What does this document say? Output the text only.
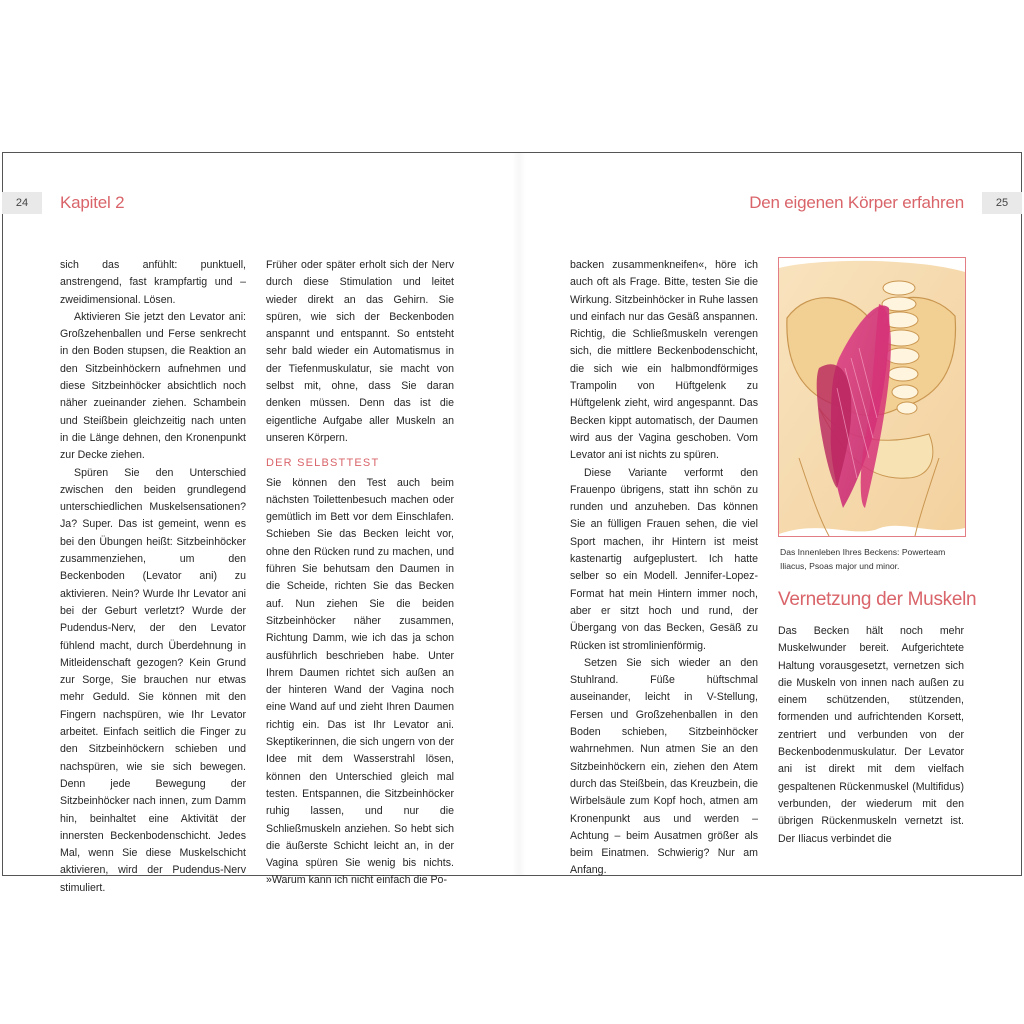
24	Kapitel 2	25
Den eigenen Körper erfahren

sich das anfühlt: punktuell, anstrengend, fast krampfartig und – zweidimensional. Lösen.

Aktivieren Sie jetzt den Levator ani: Großzehenballen und Ferse senkrecht in den Boden stupsen, die Reaktion an den Sitzbeinhöckern aufnehmen und diese Sitzbeinhöcker absichtlich noch näher zueinander ziehen. Schambein und Steißbein gleichzeitig nach unten in die Länge dehnen, den Kronenpunkt zur Decke ziehen.

Spüren Sie den Unterschied zwischen den beiden grundlegend unterschiedlichen Muskelsensationen? Ja? Super. Das ist gemeint, wenn es bei den Übungen heißt: Sitzbeinhöcker zusammenziehen, um den Beckenboden (Levator ani) zu aktivieren. Nein? Wurde Ihr Levator ani bei der Geburt verletzt? Wurde der Pudendus-Nerv, der den Levator fühlend macht, durch Überdehnung in Mitleidenschaft gezogen? Kein Grund zur Sorge, Sie brauchen nur etwas mehr Geduld. Sie können mit den Fingern nachspüren, wie Ihr Levator arbeitet. Einfach seitlich die Finger zu den Sitzbeinhöckern schieben und nachspüren, wie sie sich bewegen. Denn jede Bewegung der Sitzbeinhöcker nach innen, zum Damm hin, beinhaltet eine Aktivität der innersten Beckenbodenschicht. Jedes Mal, wenn Sie diese Muskelschicht aktivieren, wird der Pudendus-Nerv stimuliert.

Früher oder später erholt sich der Nerv durch diese Stimulation und leitet wieder direkt an das Gehirn. Sie spüren, wie sich der Beckenboden anspannt und entspannt. So entsteht sehr bald wieder ein Automatismus in der Tiefenmuskulatur, sie macht von selbst mit, ohne, dass Sie daran denken müssen. Denn das ist die eigentliche Aufgabe aller Muskeln an unseren Körpern.

DER SELBSTTEST

Sie können den Test auch beim nächsten Toilettenbesuch machen oder gemütlich im Bett vor dem Einschlafen. Schieben Sie das Becken leicht vor, ohne den Rücken rund zu machen, und führen Sie behutsam den Daumen in die Scheide, richten Sie das Becken auf. Nun ziehen Sie die beiden Sitzbeinhöcker näher zusammen, Richtung Damm, wie ich das ja schon ausführlich beschrieben habe. Unter Ihrem Daumen richtet sich außen an der hinteren Wand der Vagina noch eine Wand auf und zieht Ihren Daumen richtig ein. Das ist Ihr Levator ani. Skeptikerinnen, die sich ungern von der Idee mit dem Wasserstrahl lösen, können den Unterschied gleich mal testen. Entspannen, die Sitzbeinhöcker ruhig lassen, und nur die Schließmuskeln anziehen. So hebt sich die äußerste Schicht leicht an, in der Vagina spüren Sie wenig bis nichts. »Warum kann ich nicht einfach die Po-

backen zusammenkneifen«, höre ich auch oft als Frage. Bitte, testen Sie die Wirkung. Sitzbeinhöcker in Ruhe lassen und einfach nur das Gesäß anspannen. Richtig, die Schließmuskeln verengen sich, die mittlere Beckenbodenschicht, die sich wie ein halbmondförmiges Trampolin von Hüftgelenk zu Hüftgelenk zieht, wird angespannt. Das Becken kippt automatisch, der Daumen wird aus der Vagina geschoben. Vom Levator ani ist nichts zu spüren.

Diese Variante verformt den Frauenpo übrigens, statt ihn schön zu runden und anzuheben. Das können Sie an fülligen Frauen sehen, die viel Sport machen, ihr Hintern ist meist kastenartig aufgeplustert. Ich hatte selber so ein Modell. Jennifer-Lopez-Format hat mein Hintern immer noch, aber er sitzt hoch und rund, der Übergang von das Becken, Gesäß zu Rücken ist stromlinienförmig.

Setzen Sie sich wieder an den Stuhlrand. Füße hüftschmal auseinander, leicht in V-Stellung, Fersen und Großzehenballen in den Boden schieben, Sitzbeinhöcker wahrnehmen. Nun atmen Sie an den Sitzbeinhöckern ein, ziehen den Atem durch das Steißbein, das Kreuzbein, die Wirbelsäule zum Kopf hoch, atmen am Kronenpunkt aus und werden – Achtung – beim Ausatmen größer als beim Einatmen. Schwierig? Nur am Anfang.

Das Innenleben Ihres Beckens: Powerteam Iliacus, Psoas major und minor.
Vernetzung der Muskeln

Das Becken hält noch mehr Muskelwunder bereit. Aufgerichtete Haltung vorausgesetzt, vernetzen sich die Muskeln von innen nach außen zu einem schützenden, stützenden, formenden und aufrichtenden Korsett, zentriert und verbunden von der Beckenbodenmuskulatur. Der Levator ani ist direkt mit dem vielfach gespaltenen Rückenmuskel (Multifidus) verbunden, der wiederum mit den übrigen Rückenmuskeln vernetzt ist. Der Iliacus verbindet die
